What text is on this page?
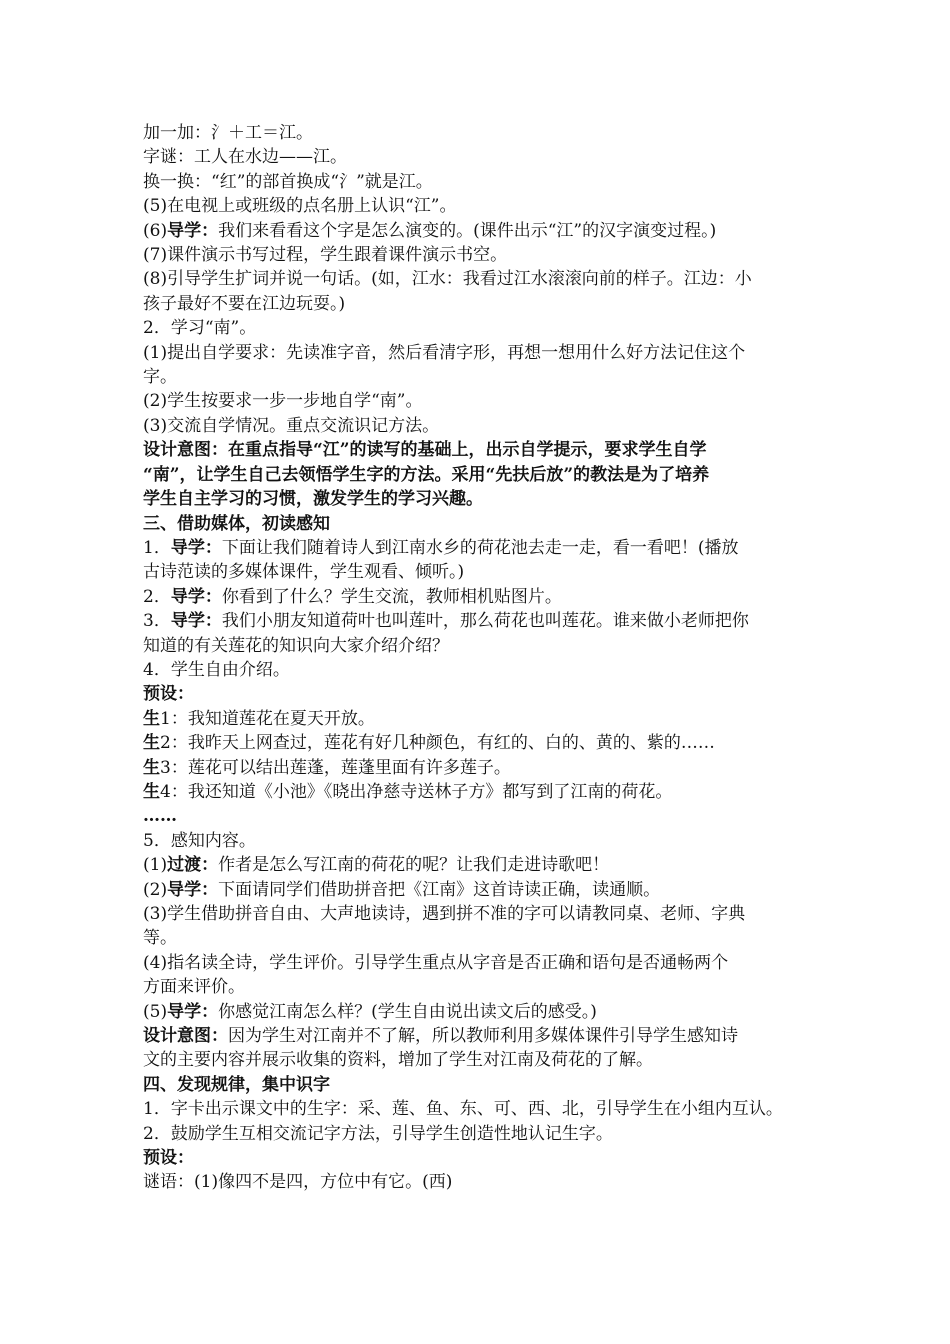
加一加：氵＋工＝江。

字谜：工人在水边——江。

换一换：“红”的部首换成“氵”就是江。

(5)在电视上或班级的点名册上认识“江”。

(6)导学：我们来看看这个字是怎么演变的。(课件出示“江”的汉字演变过程。)

(7)课件演示书写过程，学生跟着课件演示书空。

(8)引导学生扩词并说一句话。(如，江水：我看过江水滚滚向前的样子。江边：小

孩子最好不要在江边玩耍。)

2．学习“南”。

(1)提出自学要求：先读准字音，然后看清字形，再想一想用什么好方法记住这个

字。

(2)学生按要求一步一步地自学“南”。

(3)交流自学情况。重点交流识记方法。

设计意图：在重点指导“江”的读写的基础上，出示自学提示，要求学生自学

“南”，让学生自己去领悟学生字的方法。采用“先扶后放”的教法是为了培养

学生自主学习的习惯，激发学生的学习兴趣。

三、借助媒体，初读感知

1．导学：下面让我们随着诗人到江南水乡的荷花池去走一走，看一看吧！(播放

古诗范读的多媒体课件，学生观看、倾听。)

2．导学：你看到了什么？学生交流，教师相机贴图片。

3．导学：我们小朋友知道荷叶也叫莲叶，那么荷花也叫莲花。谁来做小老师把你

知道的有关莲花的知识向大家介绍介绍？

4．学生自由介绍。

预设：

生1：我知道莲花在夏天开放。

生2：我昨天上网查过，莲花有好几种颜色，有红的、白的、黄的、紫的……

生3：莲花可以结出莲蓬，莲蓬里面有许多莲子。

生4：我还知道《小池》《晓出净慈寺送林子方》都写到了江南的荷花。

……

5．感知内容。

(1)过渡：作者是怎么写江南的荷花的呢？让我们走进诗歌吧！

(2)导学：下面请同学们借助拼音把《江南》这首诗读正确，读通顺。

(3)学生借助拼音自由、大声地读诗，遇到拼不准的字可以请教同桌、老师、字典

等。

(4)指名读全诗，学生评价。引导学生重点从字音是否正确和语句是否通畅两个

方面来评价。

(5)导学：你感觉江南怎么样？(学生自由说出读文后的感受。)

设计意图：因为学生对江南并不了解，所以教师利用多媒体课件引导学生感知诗

文的主要内容并展示收集的资料，增加了学生对江南及荷花的了解。

四、发现规律，集中识字

1．字卡出示课文中的生字：采、莲、鱼、东、可、西、北，引导学生在小组内互认。

2．鼓励学生互相交流记字方法，引导学生创造性地认记生字。

预设：

谜语：(1)像四不是四，方位中有它。(西)
